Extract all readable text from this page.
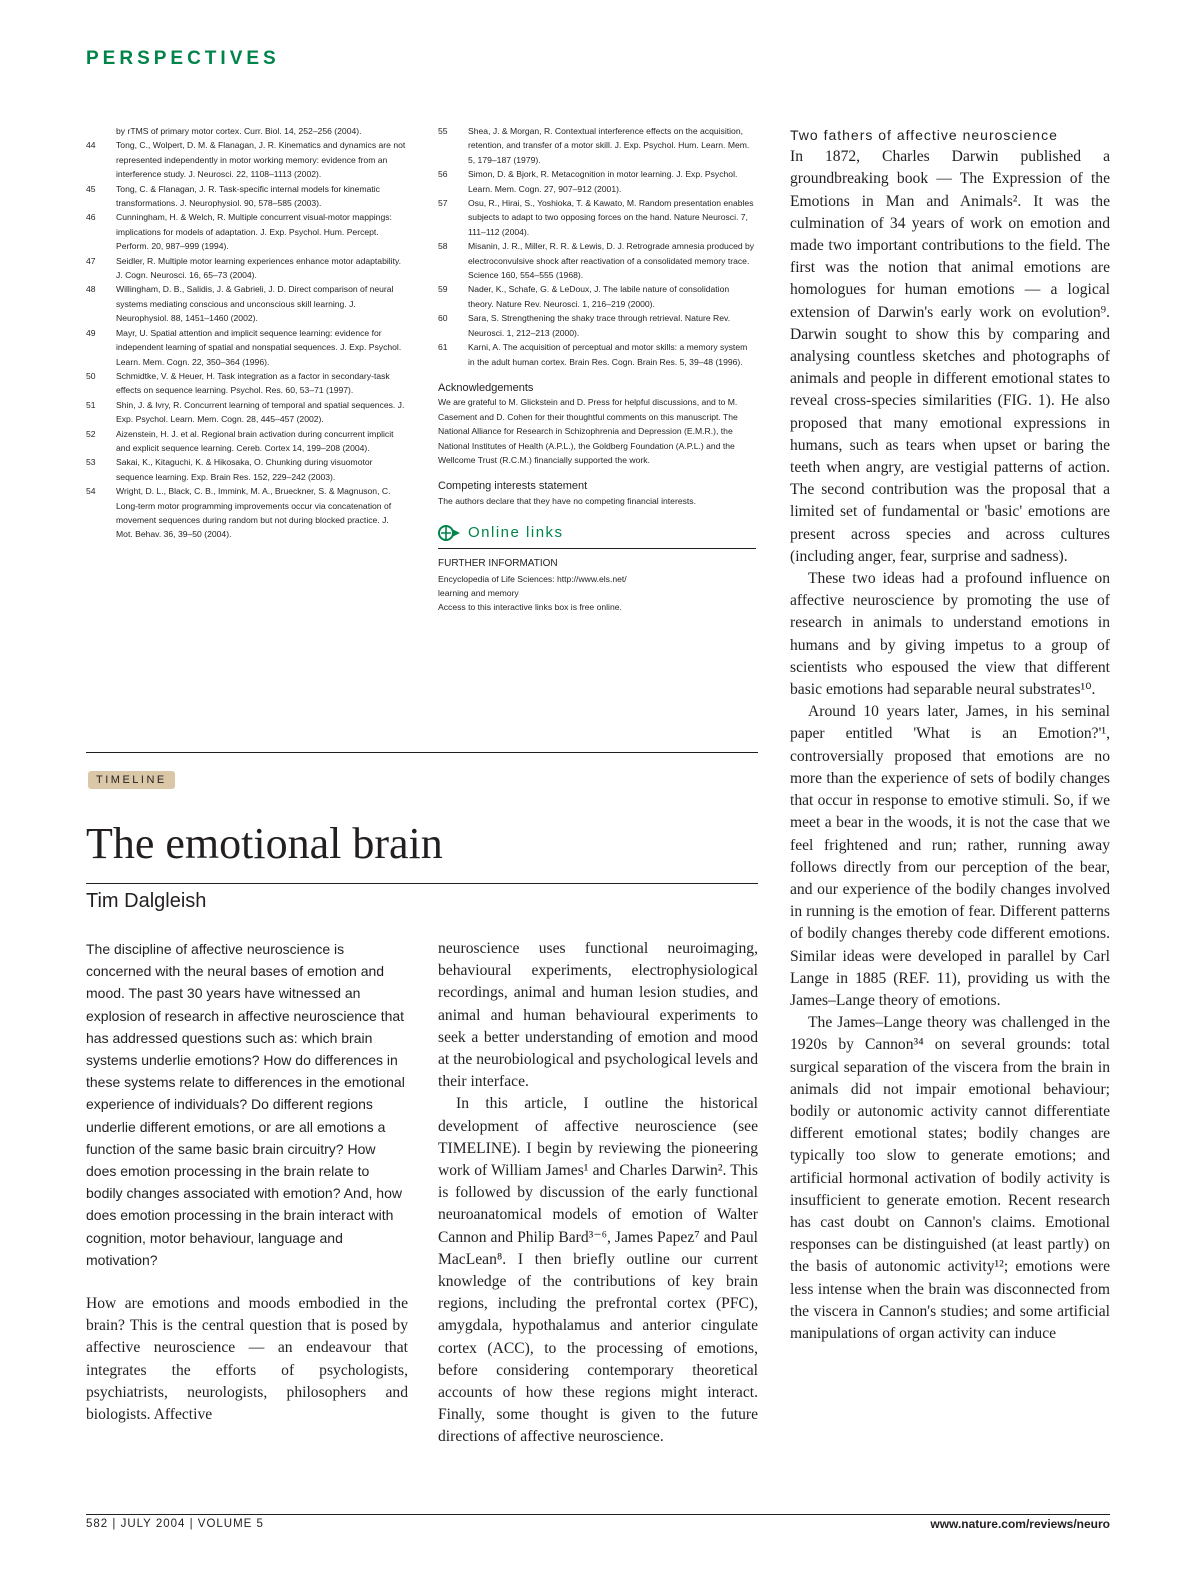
PERSPECTIVES
by rTMS of primary motor cortex. Curr. Biol. 14, 252–256 (2004).
44	Tong, C., Wolpert, D. M. & Flanagan, J. R. Kinematics and dynamics are not represented independently in motor working memory: evidence from an interference study. J. Neurosci. 22, 1108–1113 (2002).
45	Tong, C. & Flanagan, J. R. Task-specific internal models for kinematic transformations. J. Neurophysiol. 90, 578–585 (2003).
46	Cunningham, H. & Welch, R. Multiple concurrent visual-motor mappings: implications for models of adaptation. J. Exp. Psychol. Hum. Percept. Perform. 20, 987–999 (1994).
47	Seidler, R. Multiple motor learning experiences enhance motor adaptability. J. Cogn. Neurosci. 16, 65–73 (2004).
48	Willingham, D. B., Salidis, J. & Gabrieli, J. D. Direct comparison of neural systems mediating conscious and unconscious skill learning. J. Neurophysiol. 88, 1451–1460 (2002).
49	Mayr, U. Spatial attention and implicit sequence learning: evidence for independent learning of spatial and nonspatial sequences. J. Exp. Psychol. Learn. Mem. Cogn. 22, 350–364 (1996).
50	Schmidtke, V. & Heuer, H. Task integration as a factor in secondary-task effects on sequence learning. Psychol. Res. 60, 53–71 (1997).
51	Shin, J. & Ivry, R. Concurrent learning of temporal and spatial sequences. J. Exp. Psychol. Learn. Mem. Cogn. 28, 445–457 (2002).
52	Aizenstein, H. J. et al. Regional brain activation during concurrent implicit and explicit sequence learning. Cereb. Cortex 14, 199–208 (2004).
53	Sakai, K., Kitaguchi, K. & Hikosaka, O. Chunking during visuomotor sequence learning. Exp. Brain Res. 152, 229–242 (2003).
54	Wright, D. L., Black, C. B., Immink, M. A., Brueckner, S. & Magnuson, C. Long-term motor programming improvements occur via concatenation of movement sequences during random but not during blocked practice. J. Mot. Behav. 36, 39–50 (2004).
55	Shea, J. & Morgan, R. Contextual interference effects on the acquisition, retention, and transfer of a motor skill. J. Exp. Psychol. Hum. Learn. Mem. 5, 179–187 (1979).
56	Simon, D. & Bjork, R. Metacognition in motor learning. J. Exp. Psychol. Learn. Mem. Cogn. 27, 907–912 (2001).
57	Osu, R., Hirai, S., Yoshioka, T. & Kawato, M. Random presentation enables subjects to adapt to two opposing forces on the hand. Nature Neurosci. 7, 111–112 (2004).
58	Misanin, J. R., Miller, R. R. & Lewis, D. J. Retrograde amnesia produced by electroconvulsive shock after reactivation of a consolidated memory trace. Science 160, 554–555 (1968).
59	Nader, K., Schafe, G. & LeDoux, J. The labile nature of consolidation theory. Nature Rev. Neurosci. 1, 216–219 (2000).
60	Sara, S. Strengthening the shaky trace through retrieval. Nature Rev. Neurosci. 1, 212–213 (2000).
61	Karni, A. The acquisition of perceptual and motor skills: a memory system in the adult human cortex. Brain Res. Cogn. Brain Res. 5, 39–48 (1996).
Acknowledgements
We are grateful to M. Glickstein and D. Press for helpful discussions, and to M. Casement and D. Cohen for their thoughtful comments on this manuscript. The National Alliance for Research in Schizophrenia and Depression (E.M.R.), the National Institutes of Health (A.P.L.), the Goldberg Foundation (A.P.L.) and the Wellcome Trust (R.C.M.) financially supported the work.
Competing interests statement
The authors declare that they have no competing financial interests.
Online links
FURTHER INFORMATION
Encyclopedia of Life Sciences: http://www.els.net/
learning and memory
Access to this interactive links box is free online.
TIMELINE
The emotional brain
Tim Dalgleish

The discipline of affective neuroscience is concerned with the neural bases of emotion and mood. The past 30 years have witnessed an explosion of research in affective neuroscience that has addressed questions such as: which brain systems underlie emotions? How do differences in these systems relate to differences in the emotional experience of individuals? Do different regions underlie different emotions, or are all emotions a function of the same basic brain circuitry? How does emotion processing in the brain relate to bodily changes associated with emotion? And, how does emotion processing in the brain interact with cognition, motor behaviour, language and motivation?

How are emotions and moods embodied in the brain? This is the central question that is posed by affective neuroscience — an endeavour that integrates the efforts of psychologists, psychiatrists, neurologists, philosophers and biologists. Affective

neuroscience uses functional neuroimaging, behavioural experiments, electrophysiological recordings, animal and human lesion studies, and animal and human behavioural experiments to seek a better understanding of emotion and mood at the neurobiological and psychological levels and their interface.

In this article, I outline the historical development of affective neuroscience (see TIMELINE). I begin by reviewing the pioneering work of William James¹ and Charles Darwin². This is followed by discussion of the early functional neuroanatomical models of emotion of Walter Cannon and Philip Bard³⁻⁶, James Papez⁷ and Paul MacLean⁸. I then briefly outline our current knowledge of the contributions of key brain regions, including the prefrontal cortex (PFC), amygdala, hypothalamus and anterior cingulate cortex (ACC), to the processing of emotions, before considering contemporary theoretical accounts of how these regions might interact. Finally, some thought is given to the future directions of affective neuroscience.

Two fathers of affective neuroscience

In 1872, Charles Darwin published a groundbreaking book — The Expression of the Emotions in Man and Animals². It was the culmination of 34 years of work on emotion and made two important contributions to the field. The first was the notion that animal emotions are homologues for human emotions — a logical extension of Darwin's early work on evolution⁹. Darwin sought to show this by comparing and analysing countless sketches and photographs of animals and people in different emotional states to reveal cross-species similarities (FIG. 1). He also proposed that many emotional expressions in humans, such as tears when upset or baring the teeth when angry, are vestigial patterns of action. The second contribution was the proposal that a limited set of fundamental or 'basic' emotions are present across species and across cultures (including anger, fear, surprise and sadness).

These two ideas had a profound influence on affective neuroscience by promoting the use of research in animals to understand emotions in humans and by giving impetus to a group of scientists who espoused the view that different basic emotions had separable neural substrates¹⁰.

Around 10 years later, James, in his seminal paper entitled 'What is an Emotion?'¹, controversially proposed that emotions are no more than the experience of sets of bodily changes that occur in response to emotive stimuli. So, if we meet a bear in the woods, it is not the case that we feel frightened and run; rather, running away follows directly from our perception of the bear, and our experience of the bodily changes involved in running is the emotion of fear. Different patterns of bodily changes thereby code different emotions. Similar ideas were developed in parallel by Carl Lange in 1885 (REF. 11), providing us with the James–Lange theory of emotions.

The James–Lange theory was challenged in the 1920s by Cannon³⁴ on several grounds: total surgical separation of the viscera from the brain in animals did not impair emotional behaviour; bodily or autonomic activity cannot differentiate different emotional states; bodily changes are typically too slow to generate emotions; and artificial hormonal activation of bodily activity is insufficient to generate emotion. Recent research has cast doubt on Cannon's claims. Emotional responses can be distinguished (at least partly) on the basis of autonomic activity¹²; emotions were less intense when the brain was disconnected from the viscera in Cannon's studies; and some artificial manipulations of organ activity can induce

582 | JULY 2004 | VOLUME 5	www.nature.com/reviews/neuro
